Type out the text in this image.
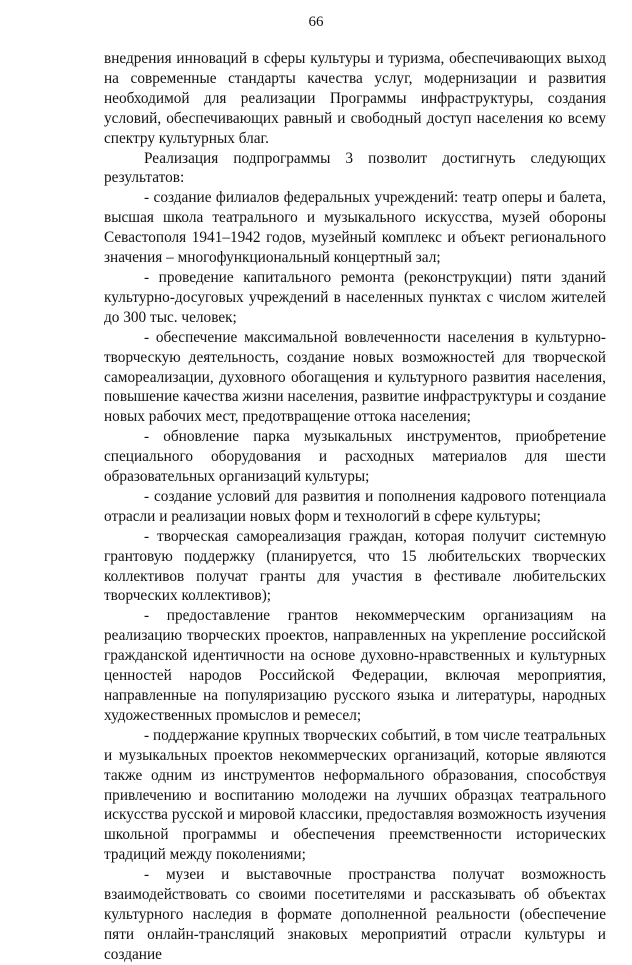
66

внедрения инноваций в сферы культуры и туризма, обеспечивающих выход на современные стандарты качества услуг, модернизации и развития необходимой для реализации Программы инфраструктуры, создания условий, обеспечивающих равный и свободный доступ населения ко всему спектру культурных благ.

Реализация подпрограммы 3 позволит достигнуть следующих результатов:

- создание филиалов федеральных учреждений: театр оперы и балета, высшая школа театрального и музыкального искусства, музей обороны Севастополя 1941–1942 годов, музейный комплекс и объект регионального значения – многофункциональный концертный зал;

- проведение капитального ремонта (реконструкции) пяти зданий культурно-досуговых учреждений в населенных пунктах с числом жителей до 300 тыс. человек;

- обеспечение максимальной вовлеченности населения в культурно-творческую деятельность, создание новых возможностей для творческой самореализации, духовного обогащения и культурного развития населения, повышение качества жизни населения, развитие инфраструктуры и создание новых рабочих мест, предотвращение оттока населения;

- обновление парка музыкальных инструментов, приобретение специального оборудования и расходных материалов для шести образовательных организаций культуры;

- создание условий для развития и пополнения кадрового потенциала отрасли и реализации новых форм и технологий в сфере культуры;

- творческая самореализация граждан, которая получит системную грантовую поддержку (планируется, что 15 любительских творческих коллективов получат гранты для участия в фестивале любительских творческих коллективов);

- предоставление грантов некоммерческим организациям на реализацию творческих проектов, направленных на укрепление российской гражданской идентичности на основе духовно-нравственных и культурных ценностей народов Российской Федерации, включая мероприятия, направленные на популяризацию русского языка и литературы, народных художественных промыслов и ремесел;

- поддержание крупных творческих событий, в том числе театральных и музыкальных проектов некоммерческих организаций, которые являются также одним из инструментов неформального образования, способствуя привлечению и воспитанию молодежи на лучших образцах театрального искусства русской и мировой классики, предоставляя возможность изучения школьной программы и обеспечения преемственности исторических традиций между поколениями;

- музеи и выставочные пространства получат возможность взаимодействовать со своими посетителями и рассказывать об объектах культурного наследия в формате дополненной реальности (обеспечение пяти онлайн-трансляций знаковых мероприятий отрасли культуры и создание
